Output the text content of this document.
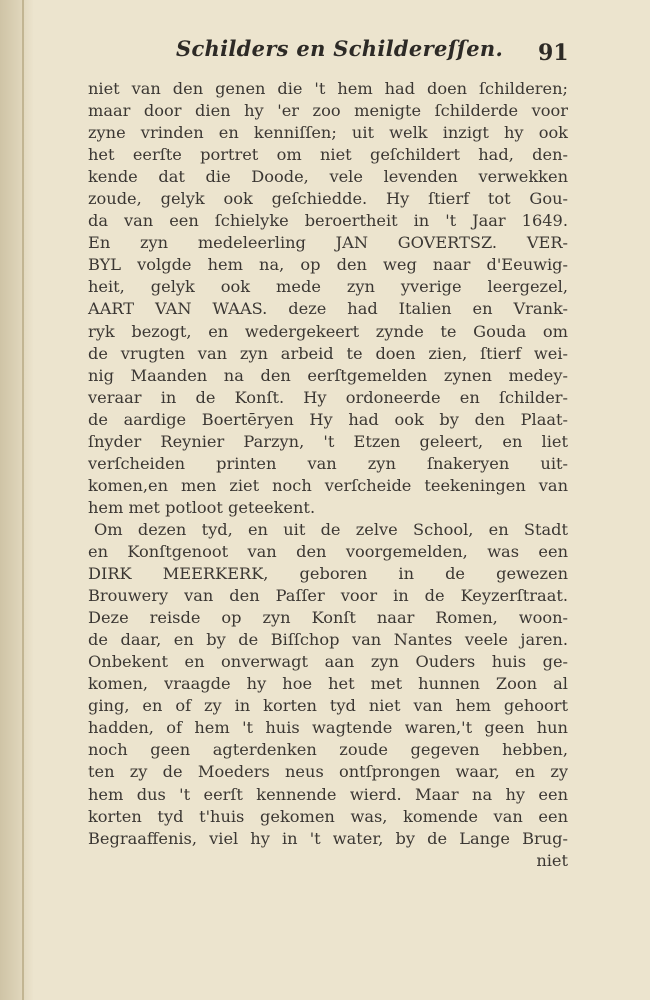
Schilders en Schildereſſen. 91
niet van den genen die 't hem had doen ſchilderen;
maar door dien hy 'er zoo menigte ſchilderde voor
zyne vrinden en kenniſſen; uit welk inzigt hy ook
het eerſte portret om niet geſchildert had, den-
kende dat die Doode, vele levenden verwekken
zoude, gelyk ook geſchiedde. Hy ſtierf tot Gou-
da van een ſchielyke beroertheit in 't Jaar 1649.
En zyn medeleerling JAN GOVERTSZ. VER-
BYL volgde hem na, op den weg naar d'Eeuwig-
heit, gelyk ook mede zyn yverige leergezel,
AART VAN WAAS. deze had Italien en Vrank-
ryk bezogt, en wedergekeert zynde te Gouda om
de vrugten van zyn arbeid te doen zien, ſtierf wei-
nig Maanden na den eerſtgemelden zynen medey-
veraar in de Konſt. Hy ordoneerde en ſchilder-
de aardige Boertēryen Hy had ook by den Plaat-
ſnyder Reynier Parzyn, 't Etzen geleert, en liet
verſcheiden printen van zyn ſnakeryen uit-
komen,en men ziet noch verſcheide teekeningen van
hem met potloot geteekent.
Om dezen tyd, en uit de zelve School, en Stadt
en Konſtgenoot van den voorgemelden, was een
DIRK MEERKERK, geboren in de gewezen
Brouwery van den Paſſer voor in de Keyzerſtraat.
Deze reisde op zyn Konſt naar Romen, woon-
de daar, en by de Biſſchop van Nantes veele jaren.
Onbekent en onverwagt aan zyn Ouders huis ge-
komen, vraagde hy hoe het met hunnen Zoon al
ging, en of zy in korten tyd niet van hem gehoort
hadden, of hem 't huis wagtende waren,'t geen hun
noch geen agterdenken zoude gegeven hebben,
ten zy de Moeders neus ontſprongen waar, en zy
hem dus 't eerſt kennende wierd. Maar na hy een
korten tyd t'huis gekomen was, komende van een
Begraaffenis, viel hy in 't water, by de Lange Brug-
niet
